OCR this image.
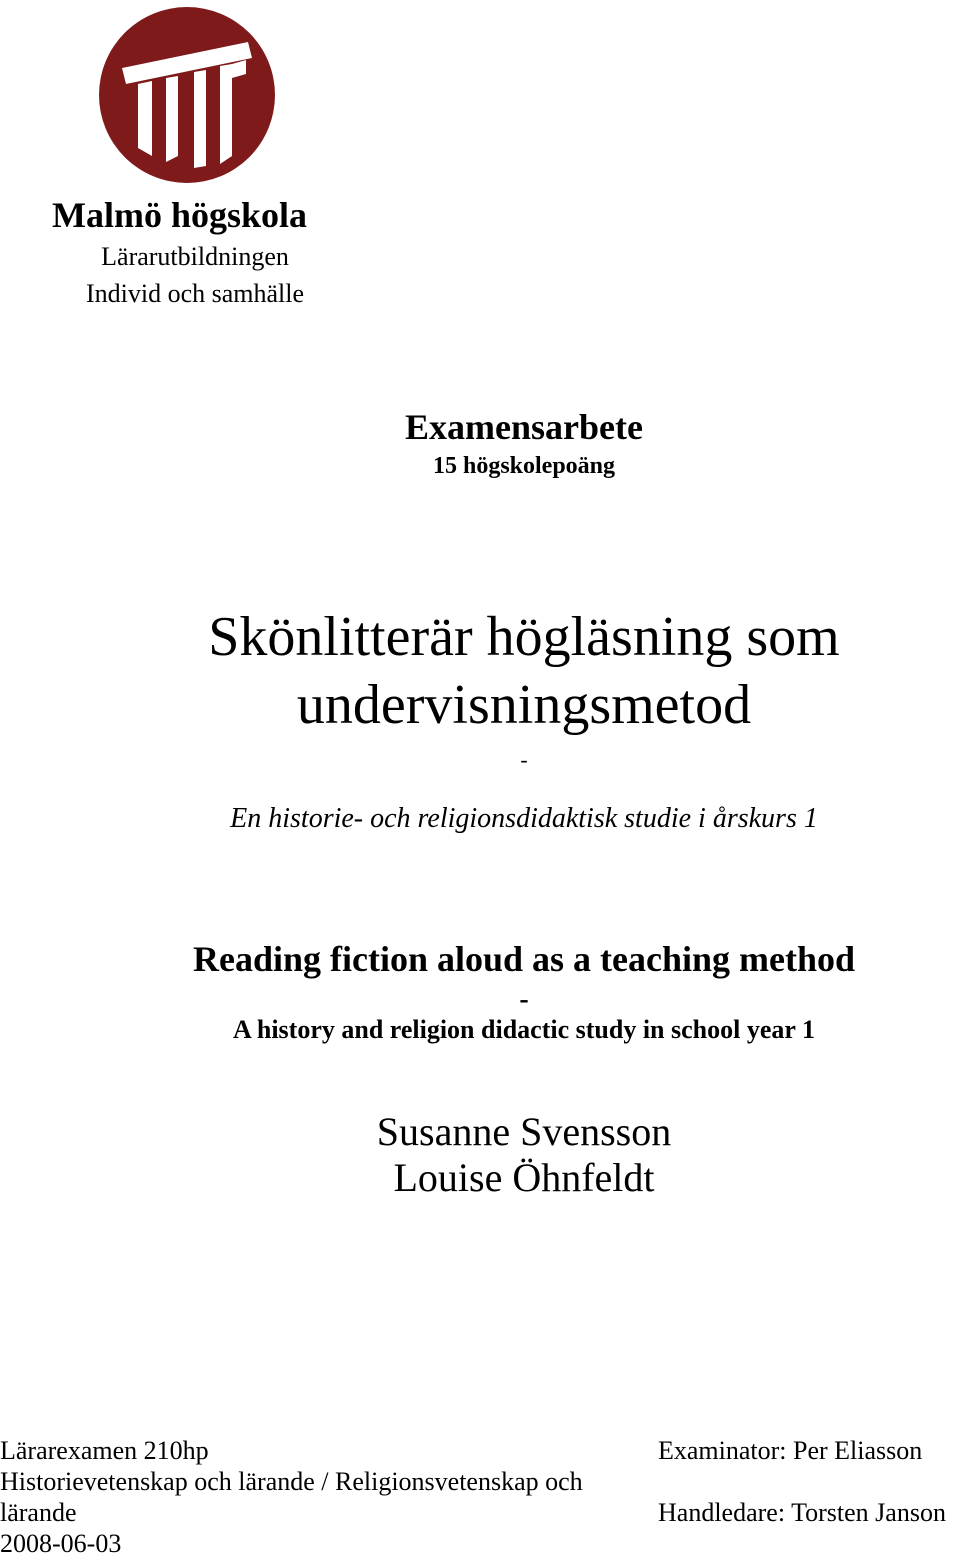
Malmö högskola
Lärarutbildningen
Individ och samhälle
Examensarbete
15 högskolepoäng
Skönlitterär högläsning som
undervisningsmetod
-
En historie- och religionsdidaktisk studie i årskurs 1
Reading fiction aloud as a teaching method
-
A history and religion didactic study in school year 1
Susanne Svensson
Louise Öhnfeldt
Lärarexamen 210hp
Historievetenskap och lärande / Religionsvetenskap och
lärande
2008-06-03
Examinator: Per Eliasson
Handledare: Torsten Janson
